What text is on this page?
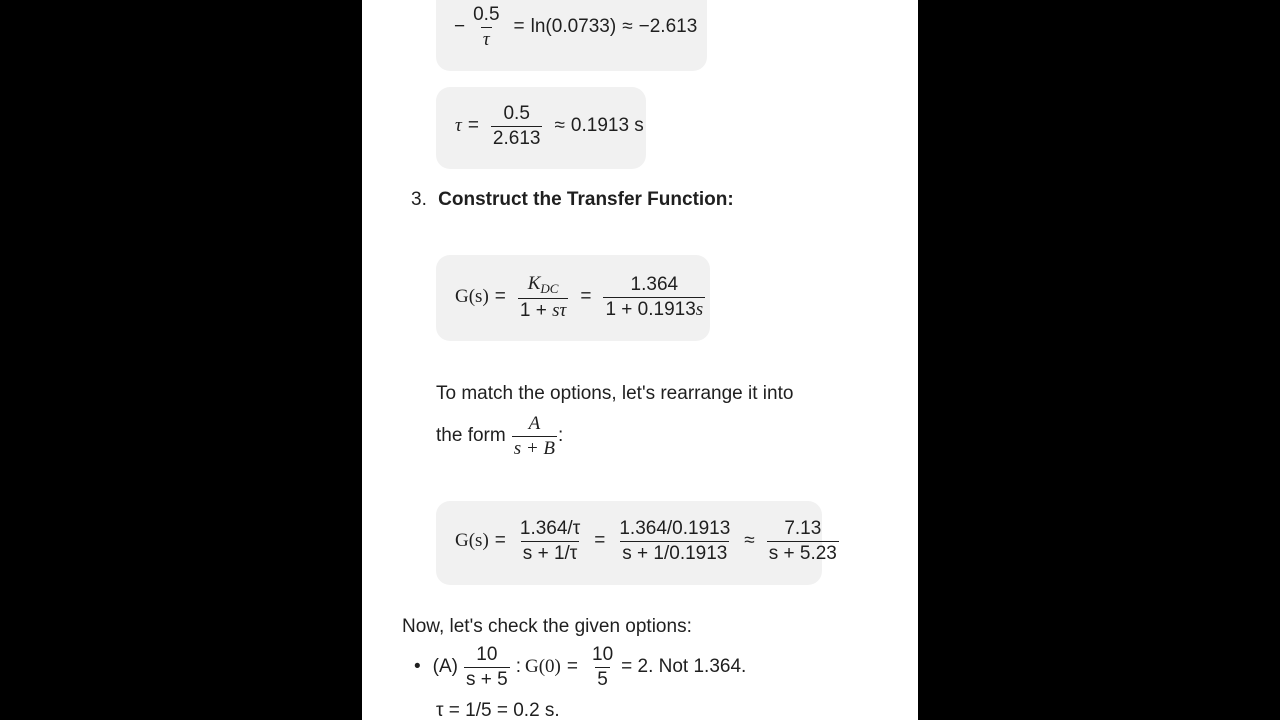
− $\frac{0.5}{\tau} = \ln(0.0733) \approx -2.613$
$\tau = \frac{0.5}{2.613} \approx 0.1913$ s
3. Construct the Transfer Function:
$G(s) = \frac{K_{DC}}{1 + s\tau} = \frac{1.364}{1 + 0.1913s}$
To match the options, let's rearrange it into
the form $\frac{A}{s + B}$ :
$G(s) = \frac{1.364/\tau}{s + 1/\tau} = \frac{1.364/0.1913}{s + 1/0.1913} \approx \frac{7.13}{s + 5.23}$
Now, let's check the given options:
• $(A) \frac{10}{s + 5}$ : $G(0) = \frac{10}{5} = 2$. Not 1.364.
τ = 1/5 = 0.2 s.
